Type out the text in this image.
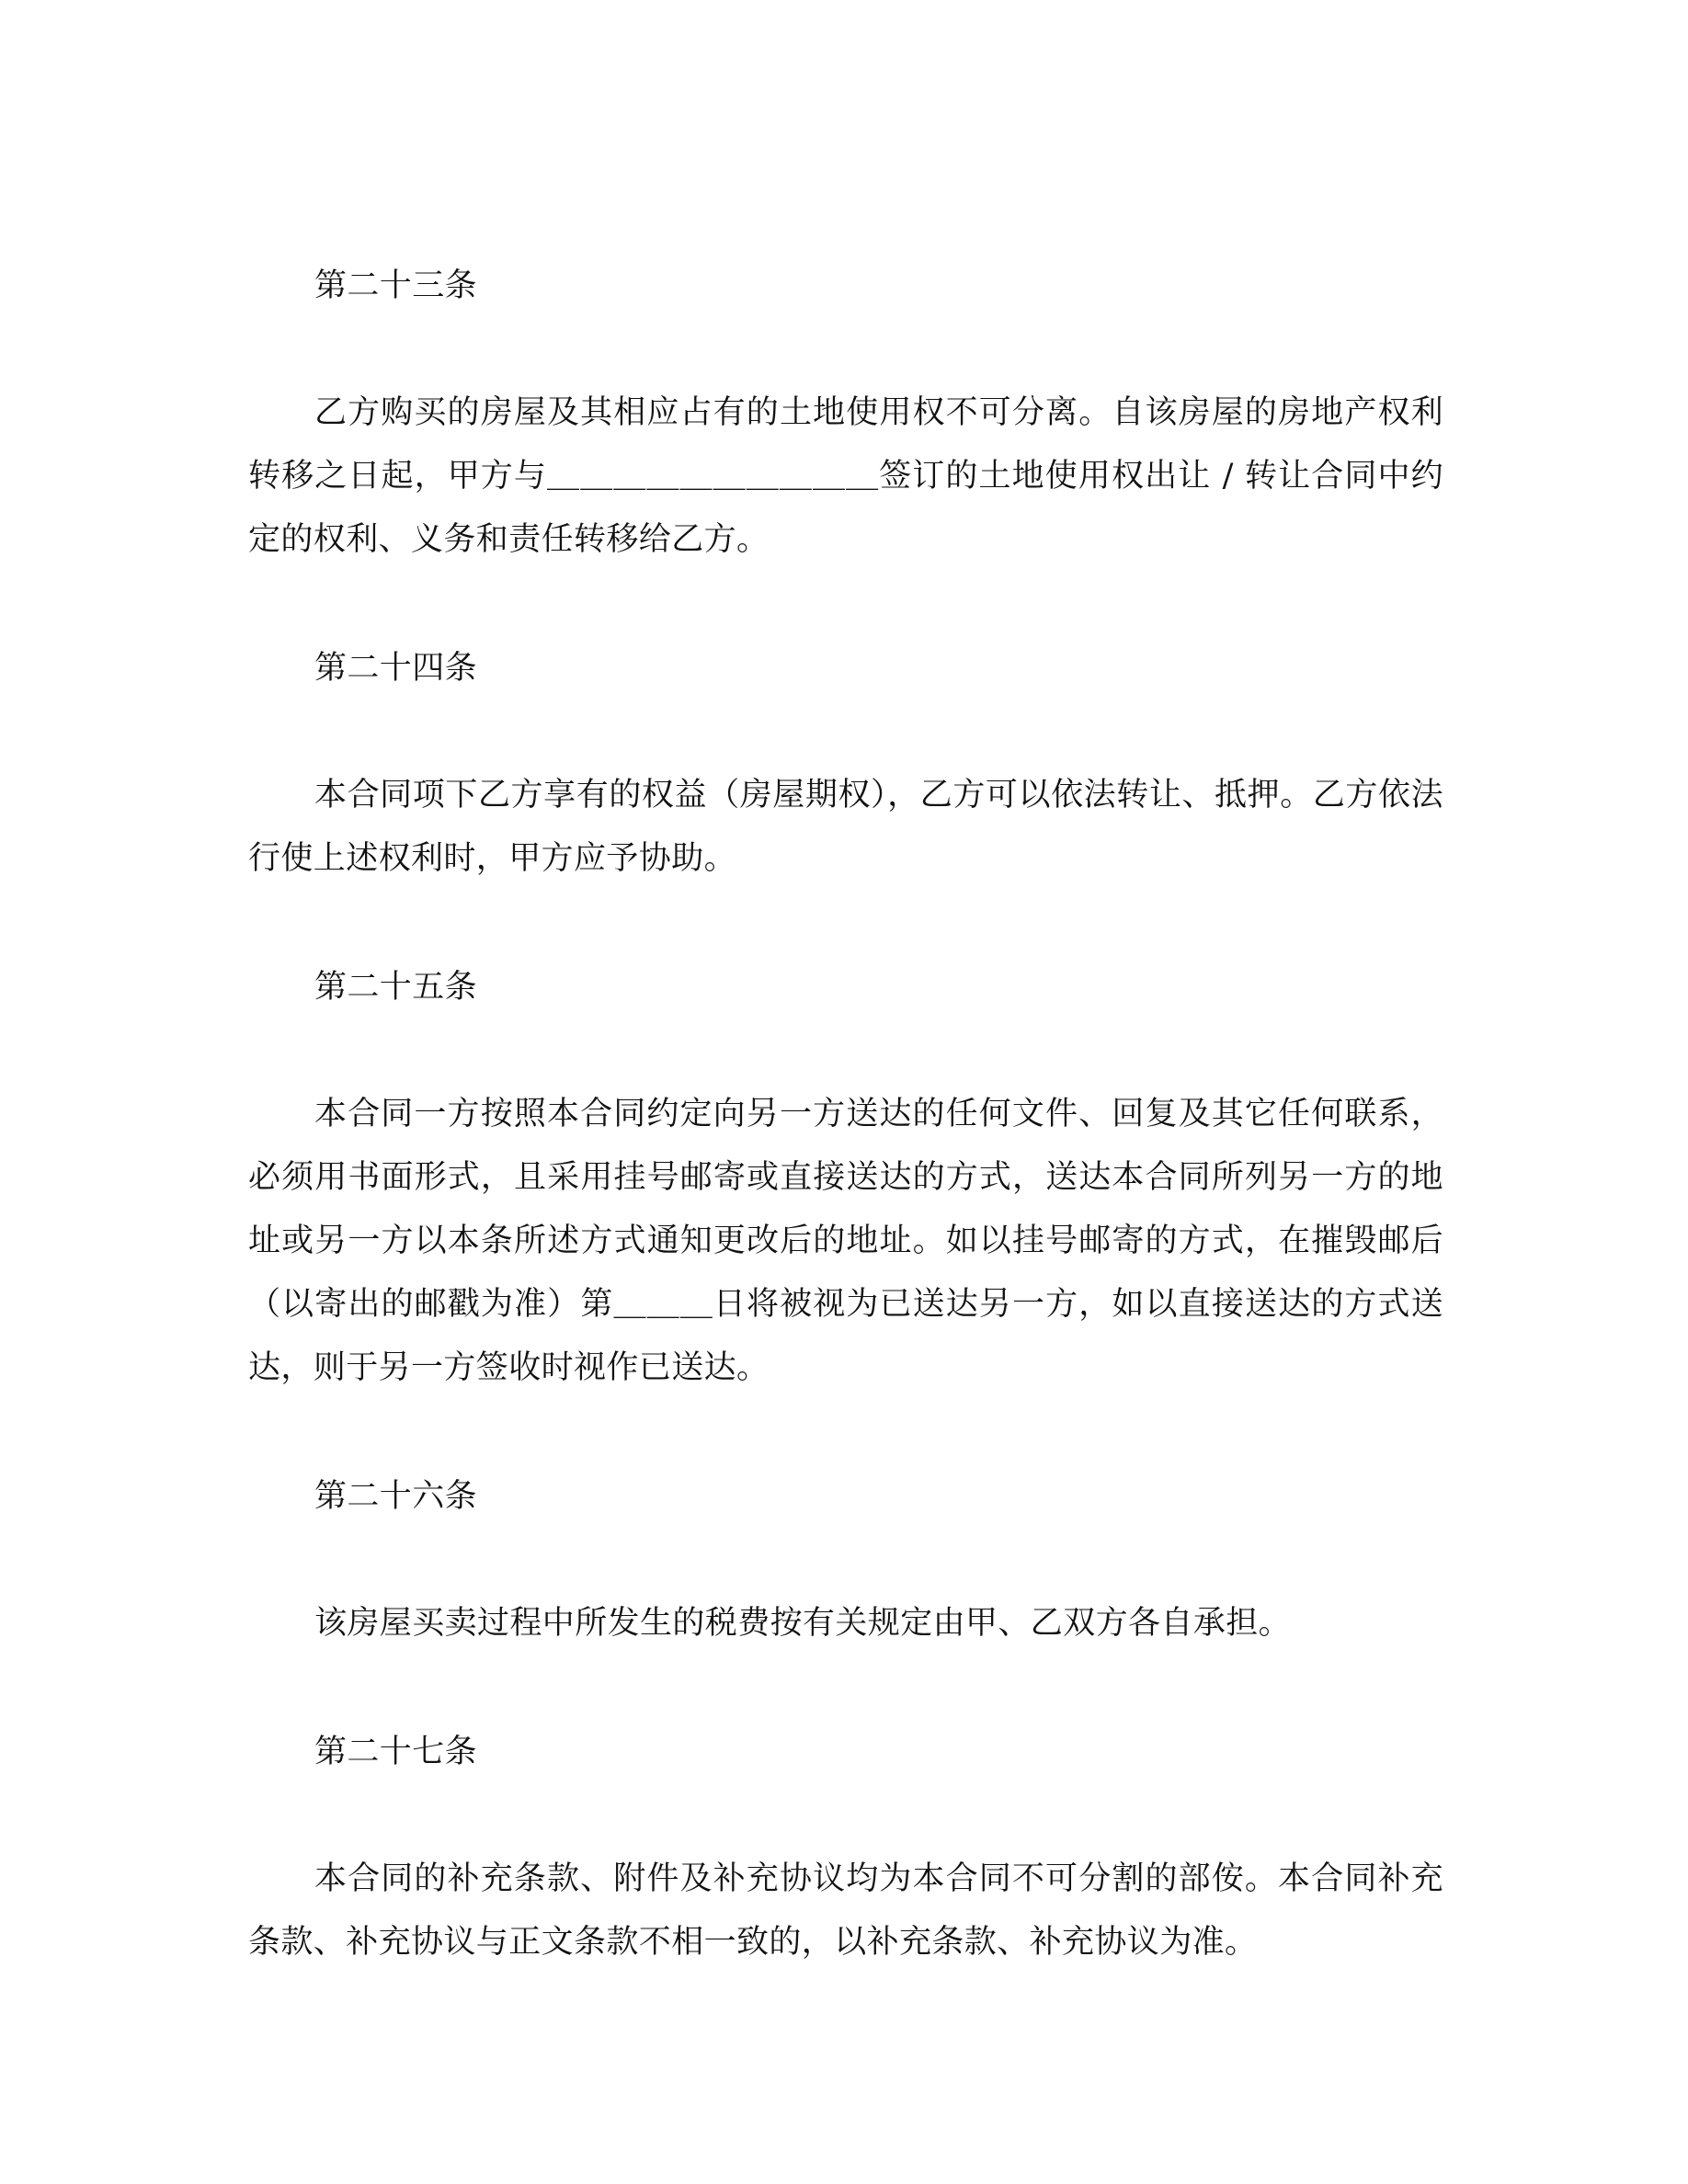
第二十三条

乙方购买的房屋及其相应占有的土地使用权不可分离。自该房屋的房地产权利转移之日起，甲方与＿＿＿＿＿＿＿＿＿＿签订的土地使用权出让 / 转让合同中约定的权利、义务和责任转移给乙方。

第二十四条

本合同项下乙方享有的权益（房屋期权），乙方可以依法转让、抵押。乙方依法行使上述权利时，甲方应予协助。

第二十五条

本合同一方按照本合同约定向另一方送达的任何文件、回复及其它任何联系，必须用书面形式，且采用挂号邮寄或直接送达的方式，送达本合同所列另一方的地址或另一方以本条所述方式通知更改后的地址。如以挂号邮寄的方式，在摧毁邮后（以寄出的邮戳为准）第＿＿＿日将被视为已送达另一方，如以直接送达的方式送达，则于另一方签收时视作已送达。

第二十六条

该房屋买卖过程中所发生的税费按有关规定由甲、乙双方各自承担。

第二十七条

本合同的补充条款、附件及补充协议均为本合同不可分割的部侒。本合同补充条款、补充协议与正文条款不相一致的，以补充条款、补充协议为准。
